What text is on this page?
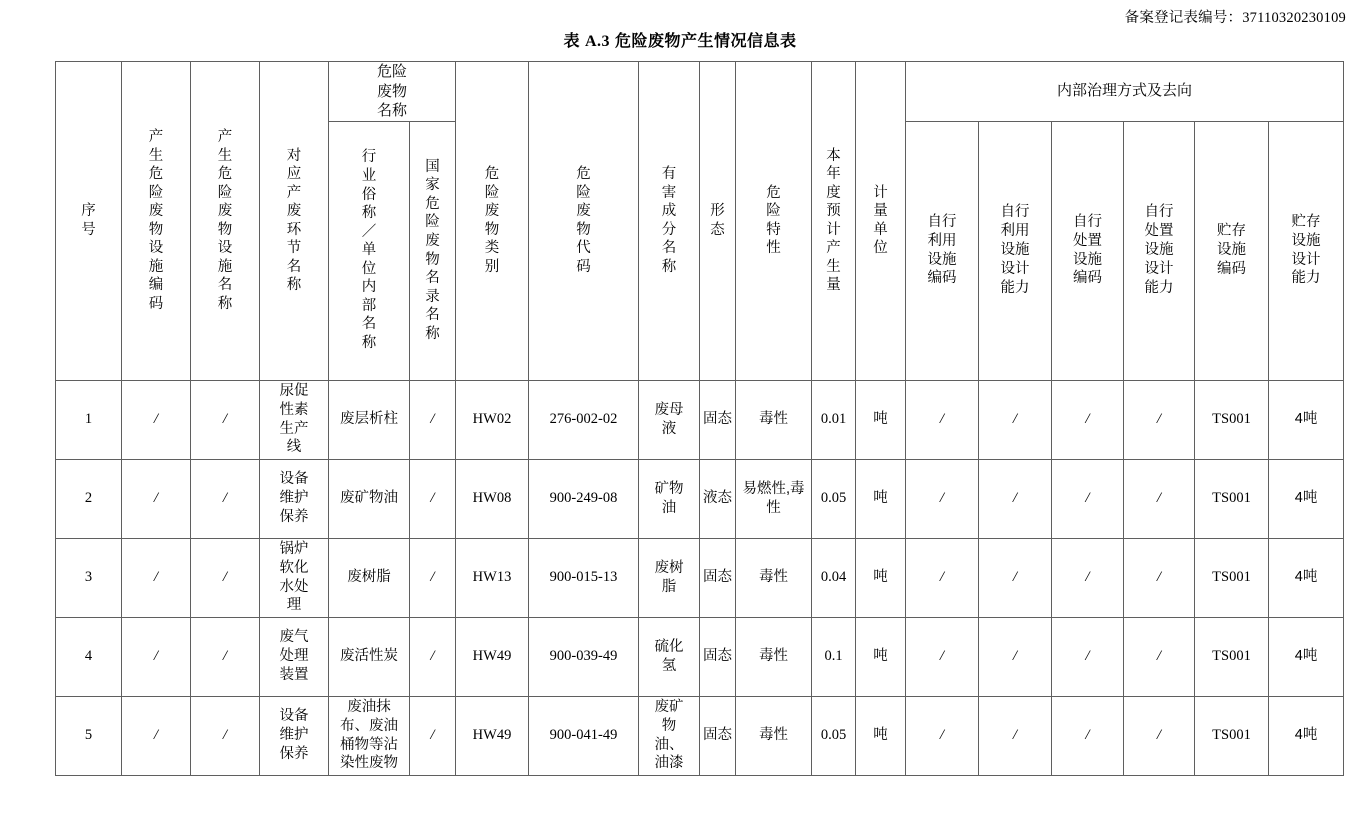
备案登记表编号：37110320230109
表 A.3 危险废物产生情况信息表
序号	产生危险废物设施编码	产生危险废物设施名称	对应产废环节名称	危险废物名称		危险废物类别	危险废物代码	有害成分名称	形态	危险特性	本年度预计产生量	计量单位	内部治理方式及去向					

				行业俗称／单位内部名称	国家危险废物名录名称								自行利用设施编码	自行利用设施设计能力	自行处置设施编码	自行处置设施设计能力	贮存设施编码	贮存设施设计能力

1	/	/	尿促性素生产线	废层析柱	/	HW02	276-002-02	废母液	固态	毒性	0.01	吨	/	/	/	/	TS001	4吨

2	/	/	设备维护保养	废矿物油	/	HW08	900-249-08	矿物油	液态	易燃性,毒性	0.05	吨	/	/	/	/	TS001	4吨

3	/	/	锅炉软化水处理	废树脂	/	HW13	900-015-13	废树脂	固态	毒性	0.04	吨	/	/	/	/	TS001	4吨

4	/	/	废气处理装置	废活性炭	/	HW49	900-039-49	硫化氢	固态	毒性	0.1	吨	/	/	/	/	TS001	4吨

5	/	/	设备维护保养	废油抹布、废油桶物等沾染性废物	/	HW49	900-041-49	废矿物油、油漆	固态	毒性	0.05	吨	/	/	/	/	TS001	4吨
